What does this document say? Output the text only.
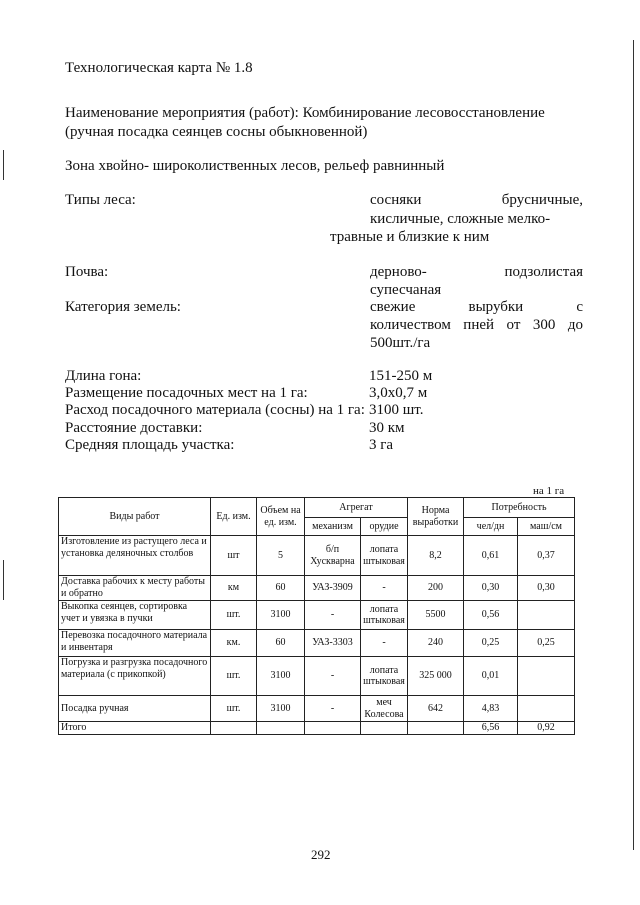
Технологическая карта № 1.8
Наименование мероприятия (работ): Комбинирование лесовосстановление
(ручная посадка сеянцев сосны обыкновенной)
Зона хвойно- широколиственных лесов, рельеф равнинный
Типы леса:	сосняки	брусничные,
кисличные, сложные мелко-
травные и близкие к ним
Почва:	дерново-	подзолистая
супесчаная
Категория земель:	свежие	вырубки	с
количеством пней от 300 до
500шт./га
Длина гона:	151-250 м
Размещение посадочных мест на 1 га:	3,0х0,7 м
Расход посадочного материала (сосны) на 1 га: 3100 шт.
Расстояние доставки:	30 км
Средняя площадь участка:	3 га
на 1 га
Виды работ	Ед. изм.	Объем на ед. изм.	Агрегат		Норма выработки	Потребность	
			механизм	орудие		чел/дн	маш/см
Изготовление из растущего леса и установка деляночных столбов	шт	5	б/п Хускварна	лопата штыковая	8,2	0,61	0,37
Доставка рабочих к месту работы и обратно	км	60	УАЗ-3909	-	200	0,30	0,30
Выкопка сеянцев, сортировка учет и увязка в пучки	шт.	3100	-	лопата штыковая	5500	0,56	
Перевозка посадочного материала и инвентаря	км.	60	УАЗ-3303	-	240	0,25	0,25
Погрузка и разгрузка посадочного материала (с прикопкой)	шт.	3100	-	лопата штыковая	325 000	0,01	
Посадка ручная	шт.	3100	-	меч Колесова	642	4,83	
Итого						6,56	0,92
292
